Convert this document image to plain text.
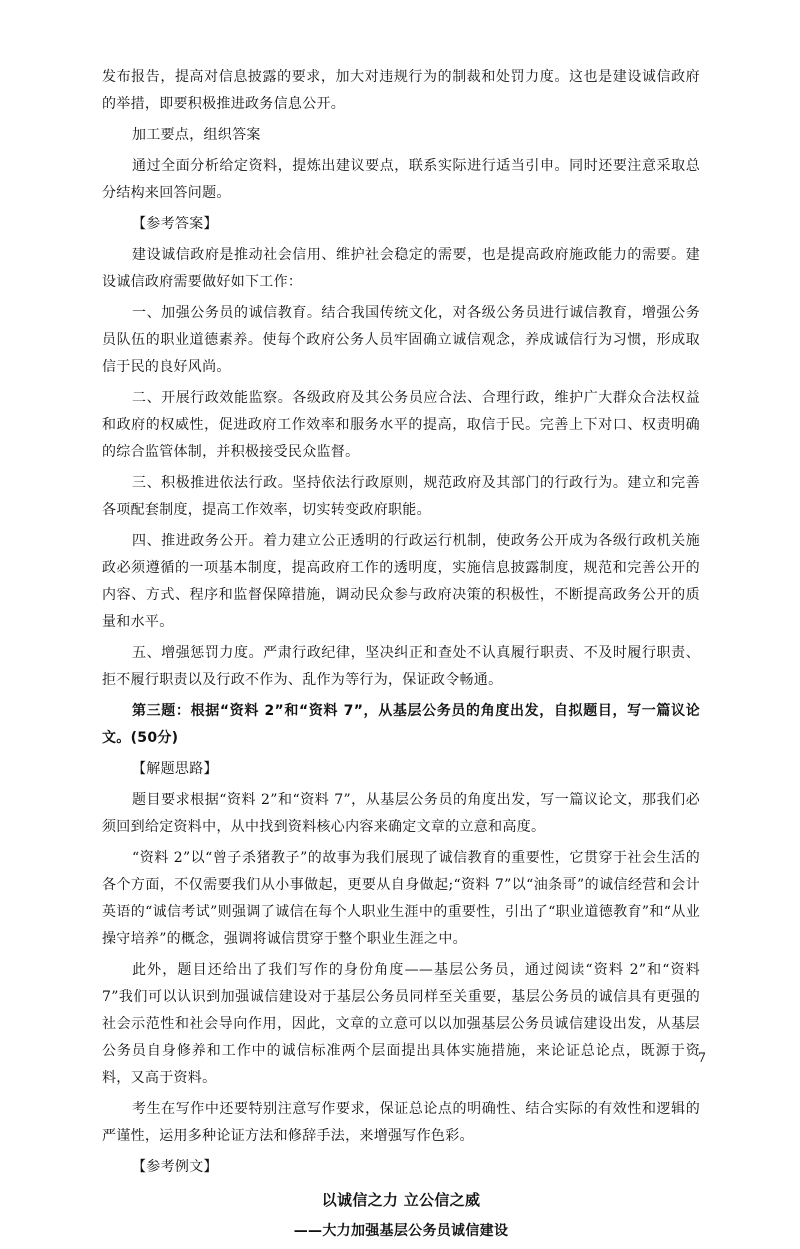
发布报告，提高对信息披露的要求，加大对违规行为的制裁和处罚力度。这也是建设诚信政府的举措，即要积极推进政务信息公开。

加工要点，组织答案

通过全面分析给定资料，提炼出建议要点，联系实际进行适当引申。同时还要注意采取总分结构来回答问题。

【参考答案】

建设诚信政府是推动社会信用、维护社会稳定的需要，也是提高政府施政能力的需要。建设诚信政府需要做好如下工作：

一、加强公务员的诚信教育。结合我国传统文化，对各级公务员进行诚信教育，增强公务员队伍的职业道德素养。使每个政府公务人员牢固确立诚信观念，养成诚信行为习惯，形成取信于民的良好风尚。

二、开展行政效能监察。各级政府及其公务员应合法、合理行政，维护广大群众合法权益和政府的权威性，促进政府工作效率和服务水平的提高，取信于民。完善上下对口、权责明确的综合监管体制，并积极接受民众监督。

三、积极推进依法行政。坚持依法行政原则，规范政府及其部门的行政行为。建立和完善各项配套制度，提高工作效率，切实转变政府职能。

四、推进政务公开。着力建立公正透明的行政运行机制，使政务公开成为各级行政机关施政必须遵循的一项基本制度，提高政府工作的透明度，实施信息披露制度，规范和完善公开的内容、方式、程序和监督保障措施，调动民众参与政府决策的积极性，不断提高政务公开的质量和水平。

五、增强惩罚力度。严肃行政纪律，坚决纠正和查处不认真履行职责、不及时履行职责、拒不履行职责以及行政不作为、乱作为等行为，保证政令畅通。

第三题：根据“资料 2”和“资料 7”，从基层公务员的角度出发，自拟题目，写一篇议论文。(50分)

【解题思路】

题目要求根据“资料 2”和“资料 7”，从基层公务员的角度出发，写一篇议论文，那我们必须回到给定资料中，从中找到资料核心内容来确定文章的立意和高度。

“资料 2”以“曾子杀猪教子”的故事为我们展现了诚信教育的重要性，它贯穿于社会生活的各个方面，不仅需要我们从小事做起，更要从自身做起;“资料 7”以“油条哥”的诚信经营和会计英语的“诚信考试”则强调了诚信在每个人职业生涯中的重要性，引出了“职业道德教育”和“从业操守培养”的概念，强调将诚信贯穿于整个职业生涯之中。

此外，题目还给出了我们写作的身份角度——基层公务员，通过阅读“资料 2”和“资料 7”我们可以认识到加强诚信建设对于基层公务员同样至关重要，基层公务员的诚信具有更强的社会示范性和社会导向作用，因此，文章的立意可以以加强基层公务员诚信建设出发，从基层公务员自身修养和工作中的诚信标准两个层面提出具体实施措施，来论证总论点，既源于资料，又高于资料。

考生在写作中还要特别注意写作要求，保证总论点的明确性、结合实际的有效性和逻辑的严谨性，运用多种论证方法和修辞手法，来增强写作色彩。

【参考例文】

以诚信之力 立公信之威

——大力加强基层公务员诚信建设

7
